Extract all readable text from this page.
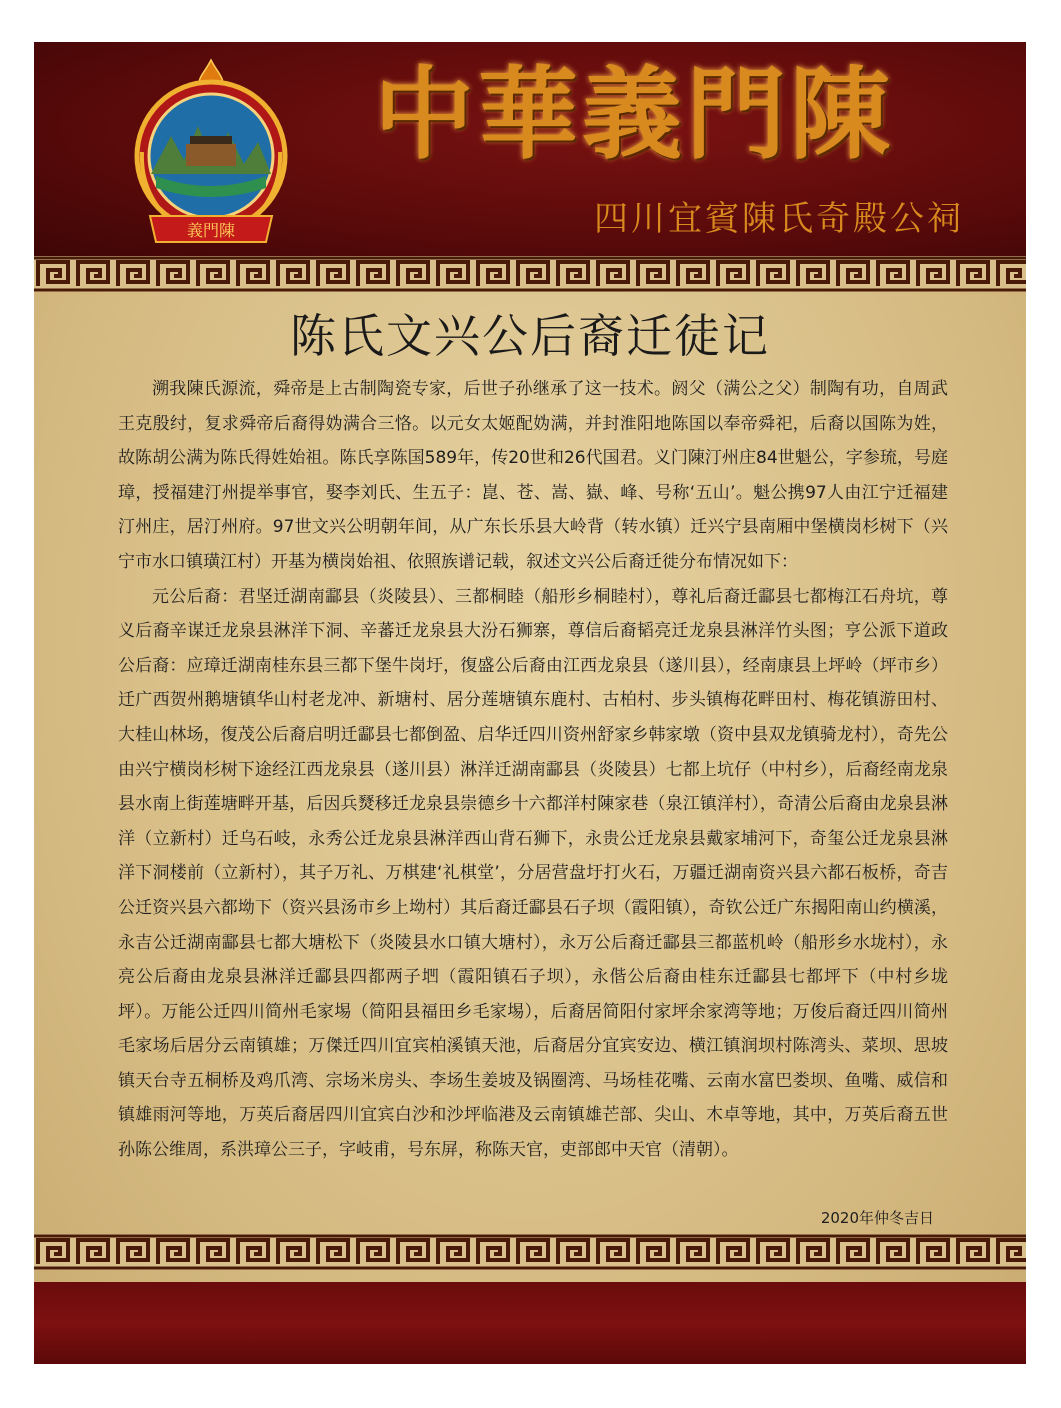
義門陳
中華義門陳
四川宜賓陳氏奇殿公祠
陈氏文兴公后裔迁徒记

溯我陳氏源流，舜帝是上古制陶瓷专家，后世子孙继承了这一技术。阏父（满公之父）制陶有功，自周武王克殷纣，复求舜帝后裔得妫满合三恪。以元女太姬配妫满，并封淮阳地陈国以奉帝舜祀，后裔以国陈为姓，故陈胡公满为陈氏得姓始祖。陈氏享陈国589年，传20世和26代国君。义门陳汀州庄84世魁公，字参琉，号庭璋，授福建汀州提举事官，娶李刘氏、生五子：崑、苍、嵩、嶽、峰、号称‘五山’。魁公携97人由江宁迁福建汀州庄，居汀州府。97世文兴公明朝年间，从广东长乐县大岭背（转水镇）迁兴宁县南厢中堡横岗杉树下（兴宁市水口镇璜江村）开基为横岗始祖、依照族谱记载，叙述文兴公后裔迁徙分布情况如下：

元公后裔：君坚迁湖南酃县（炎陵县）、三都桐睦（船形乡桐睦村），尊礼后裔迁酃县七都梅江石舟坑，尊义后裔辛谋迁龙泉县淋洋下洞、辛蕃迁龙泉县大汾石狮寨，尊信后裔韬亮迁龙泉县淋洋竹头图；亨公派下道政公后裔：应璋迁湖南桂东县三都下堡牛岗圩，復盛公后裔由江西龙泉县（遂川县），经南康县上坪岭（坪市乡）迁广西贺州鹅塘镇华山村老龙冲、新塘村、居分莲塘镇东鹿村、古柏村、步头镇梅花畔田村、梅花镇游田村、大桂山林场，復茂公后裔启明迁酃县七都倒盈、启华迁四川资州舒家乡韩家墩（资中县双龙镇骑龙村），奇先公由兴宁横岗杉树下途经江西龙泉县（遂川县）淋洋迁湖南酃县（炎陵县）七都上坑仔（中村乡），后裔经南龙泉县水南上街莲塘畔开基，后因兵燹移迁龙泉县崇德乡十六都洋村陳家巷（泉江镇洋村），奇清公后裔由龙泉县淋洋（立新村）迁乌石岐，永秀公迁龙泉县淋洋西山背石狮下，永贵公迁龙泉县戴家埔河下，奇玺公迁龙泉县淋洋下洞楼前（立新村），其子万礼、万棋建‘礼棋堂’，分居营盘圩打火石，万疆迁湖南资兴县六都石板桥，奇吉公迁资兴县六都坳下（资兴县汤市乡上坳村）其后裔迁酃县石子坝（霞阳镇），奇钦公迁广东揭阳南山约横溪，永吉公迁湖南酃县七都大塘松下（炎陵县水口镇大塘村），永万公后裔迁酃县三都蓝机岭（船形乡水垅村），永亮公后裔由龙泉县淋洋迁酃县四都两子垇（霞阳镇石子坝），永偕公后裔由桂东迁酃县七都坪下（中村乡垅坪）。万能公迁四川简州毛家埸（简阳县福田乡毛家埸），后裔居简阳付家坪余家湾等地；万俊后裔迁四川简州毛家场后居分云南镇雄；万傑迁四川宜宾柏溪镇天池，后裔居分宜宾安边、横江镇润坝村陈湾头、菜坝、思坡镇天台寺五桐桥及鸡爪湾、宗场米房头、李场生姜坡及锅圈湾、马场桂花嘴、云南水富巴娄坝、鱼嘴、威信和镇雄雨河等地，万英后裔居四川宜宾白沙和沙坪临港及云南镇雄芒部、尖山、木卓等地，其中，万英后裔五世孙陈公维周，系洪璋公三子，字岐甫，号东屏，称陈天官，吏部郎中天官（清朝）。

2020年仲冬吉日
